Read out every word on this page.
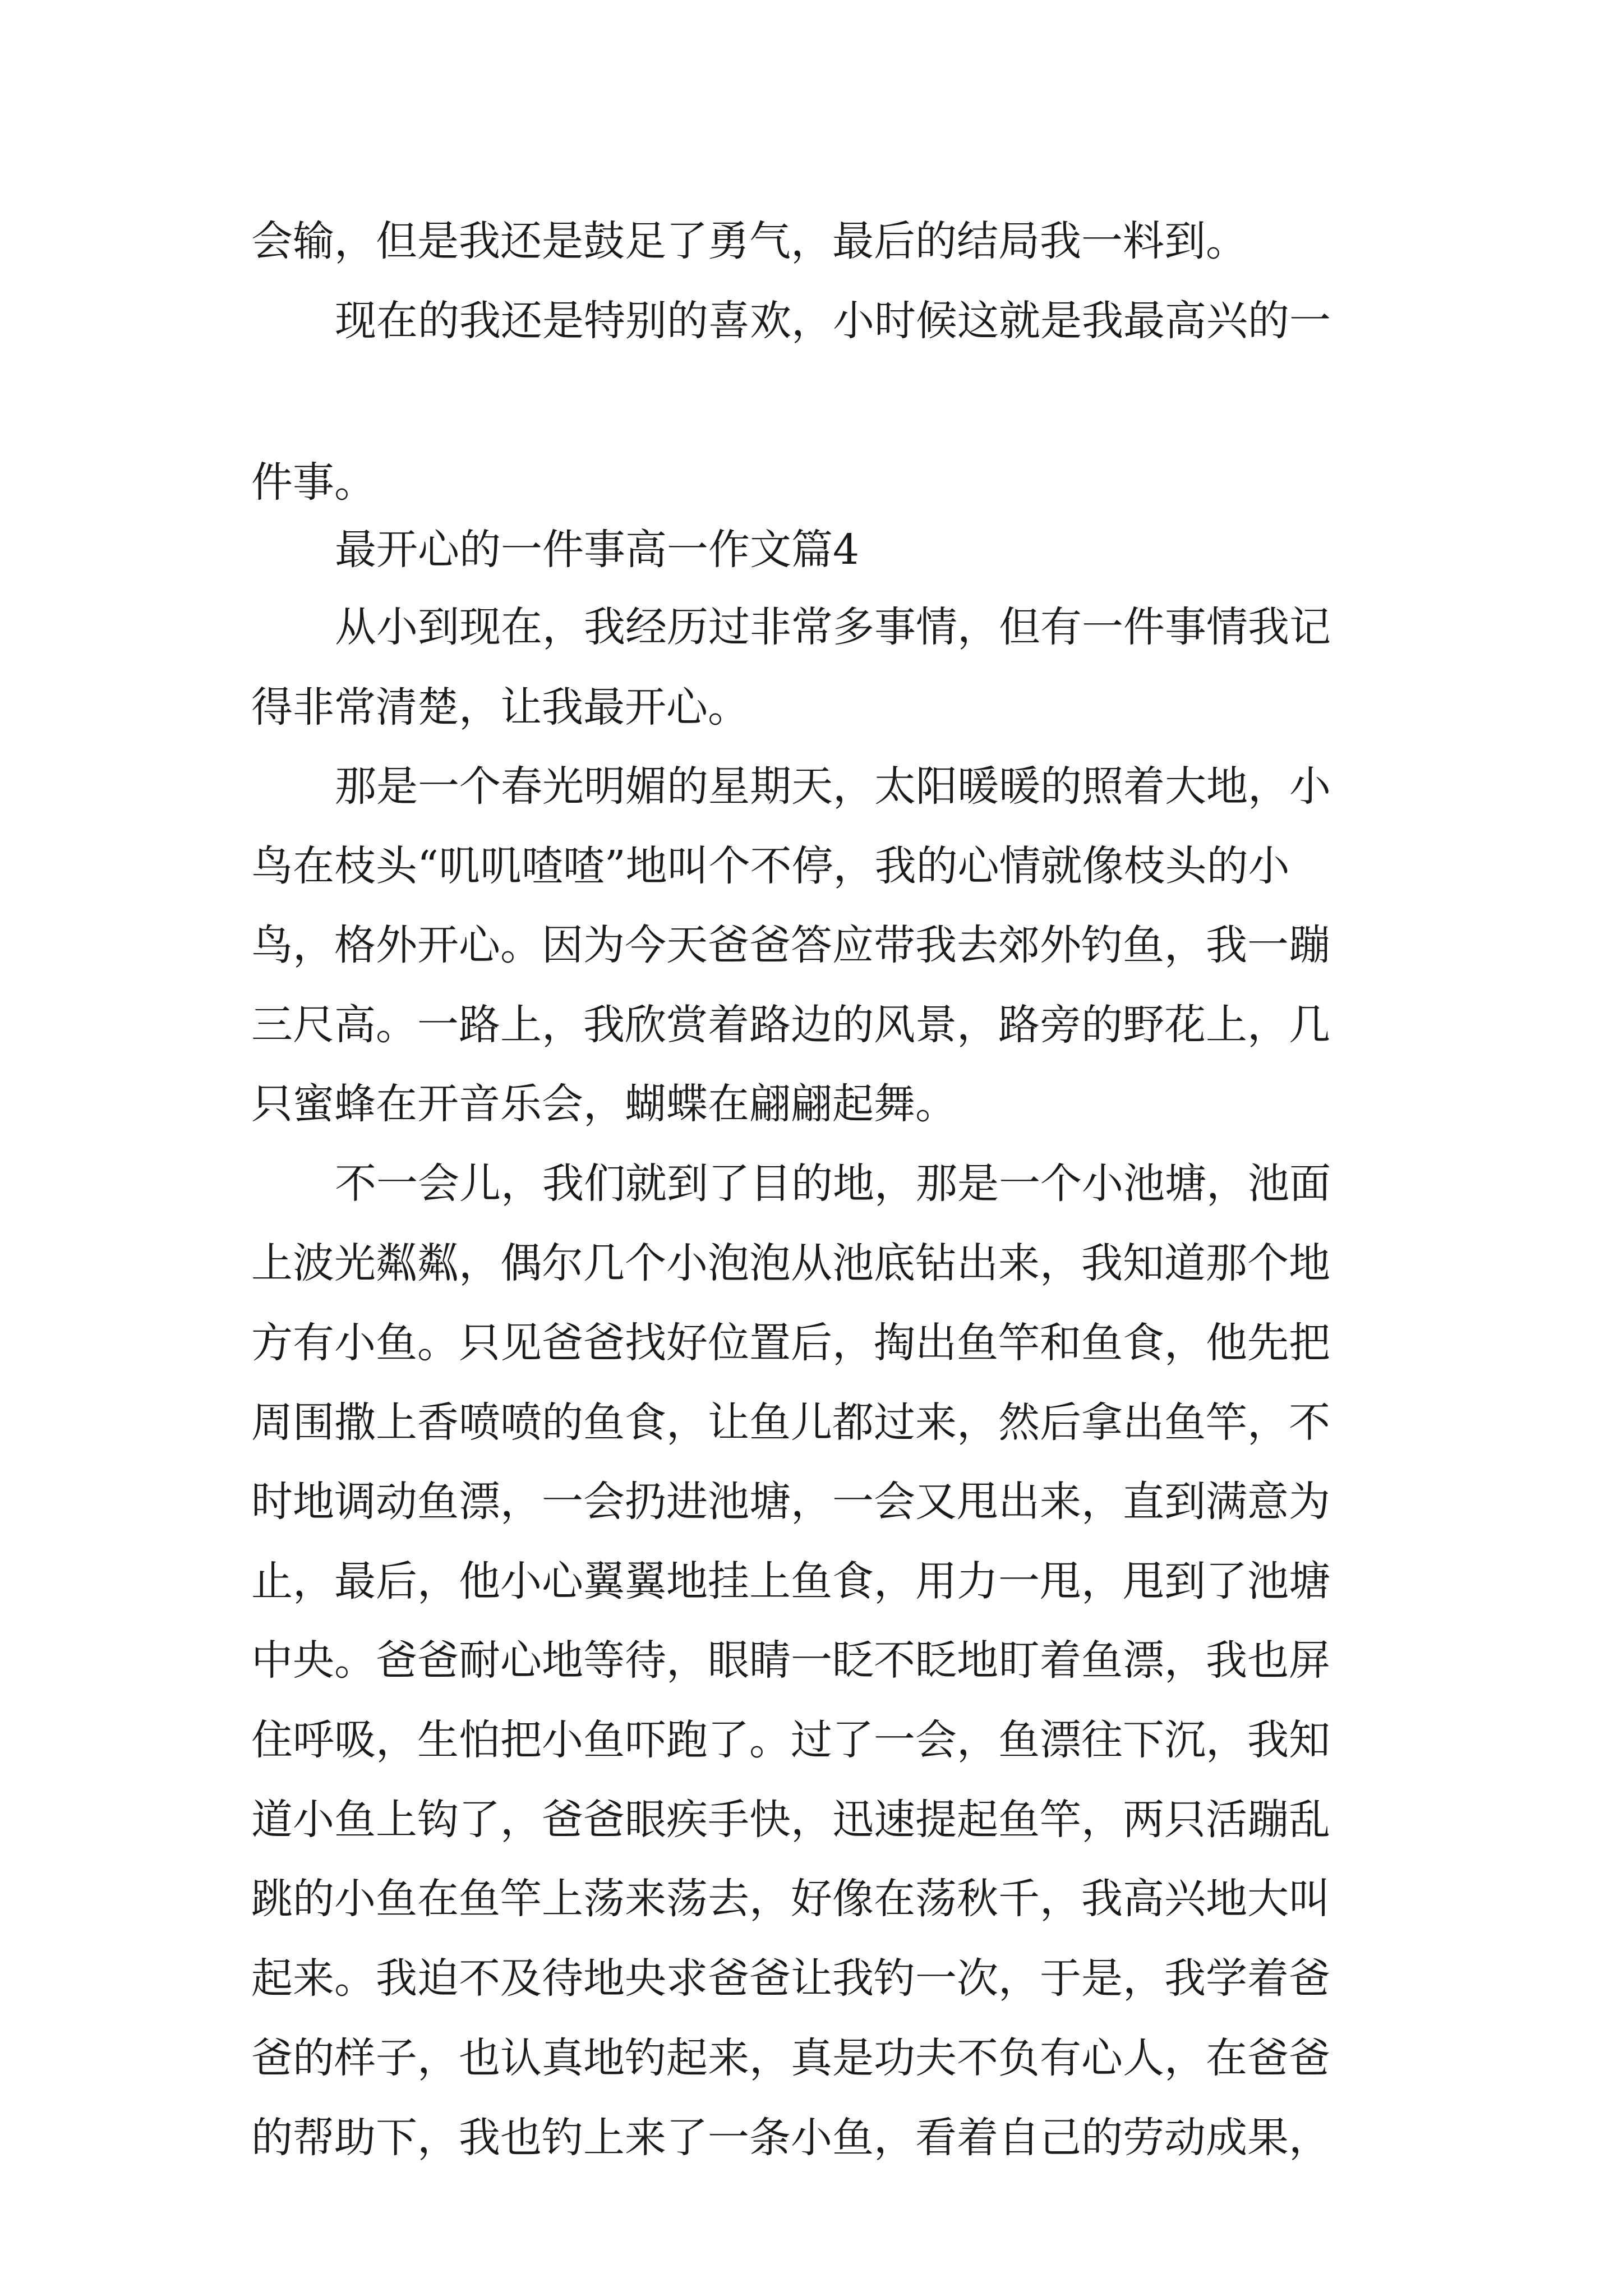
会输，但是我还是鼓足了勇气，最后的结局我一料到。
现在的我还是特别的喜欢，小时候这就是我最高兴的一
件事。
最开心的一件事高一作文篇4
从小到现在，我经历过非常多事情，但有一件事情我记
得非常清楚，让我最开心。
那是一个春光明媚的星期天，太阳暖暖的照着大地，小
鸟在枝头“叽叽喳喳”地叫个不停，我的心情就像枝头的小
鸟，格外开心。因为今天爸爸答应带我去郊外钓鱼，我一蹦
三尺高。一路上，我欣赏着路边的风景，路旁的野花上，几
只蜜蜂在开音乐会，蝴蝶在翩翩起舞。
不一会儿，我们就到了目的地，那是一个小池塘，池面
上波光粼粼，偶尔几个小泡泡从池底钻出来，我知道那个地
方有小鱼。只见爸爸找好位置后，掏出鱼竿和鱼食，他先把
周围撒上香喷喷的鱼食，让鱼儿都过来，然后拿出鱼竿，不
时地调动鱼漂，一会扔进池塘，一会又甩出来，直到满意为
止，最后，他小心翼翼地挂上鱼食，用力一甩，甩到了池塘
中央。爸爸耐心地等待，眼睛一眨不眨地盯着鱼漂，我也屏
住呼吸，生怕把小鱼吓跑了。过了一会，鱼漂往下沉，我知
道小鱼上钩了，爸爸眼疾手快，迅速提起鱼竿，两只活蹦乱
跳的小鱼在鱼竿上荡来荡去，好像在荡秋千，我高兴地大叫
起来。我迫不及待地央求爸爸让我钓一次，于是，我学着爸
爸的样子，也认真地钓起来，真是功夫不负有心人，在爸爸
的帮助下，我也钓上来了一条小鱼，看着自己的劳动成果，
